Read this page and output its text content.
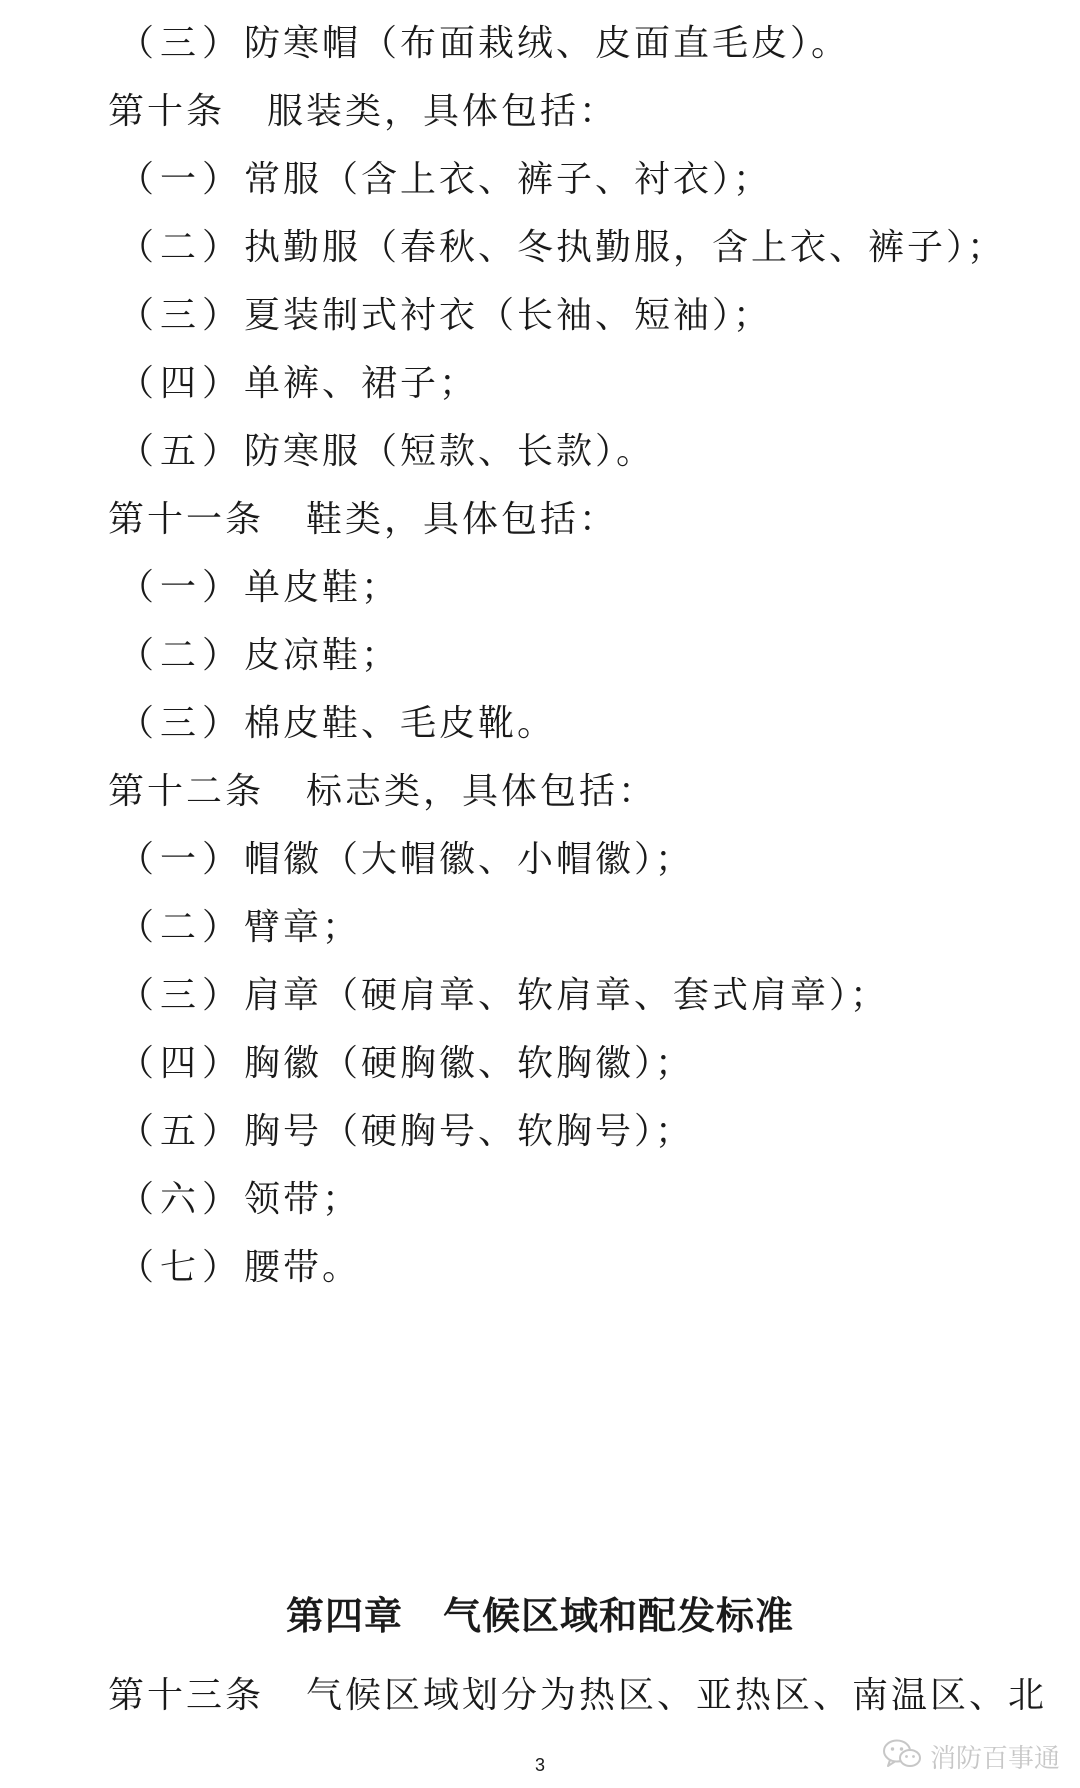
（三）防寒帽（布面栽绒、皮面直毛皮）。
第十条 服装类，具体包括：
（一）常服（含上衣、裤子、衬衣）；
（二）执勤服（春秋、冬执勤服，含上衣、裤子）；
（三）夏装制式衬衣（长袖、短袖）；
（四）单裤、裙子；
（五）防寒服（短款、长款）。
第十一条 鞋类，具体包括：
（一）单皮鞋；
（二）皮凉鞋；
（三）棉皮鞋、毛皮靴。
第十二条 标志类，具体包括：
（一）帽徽（大帽徽、小帽徽）；
（二）臂章；
（三）肩章（硬肩章、软肩章、套式肩章）；
（四）胸徽（硬胸徽、软胸徽）；
（五）胸号（硬胸号、软胸号）；
（六）领带；
（七）腰带。
第四章 气候区域和配发标准
第十三条 气候区域划分为热区、亚热区、南温区、北
3	消防百事通
